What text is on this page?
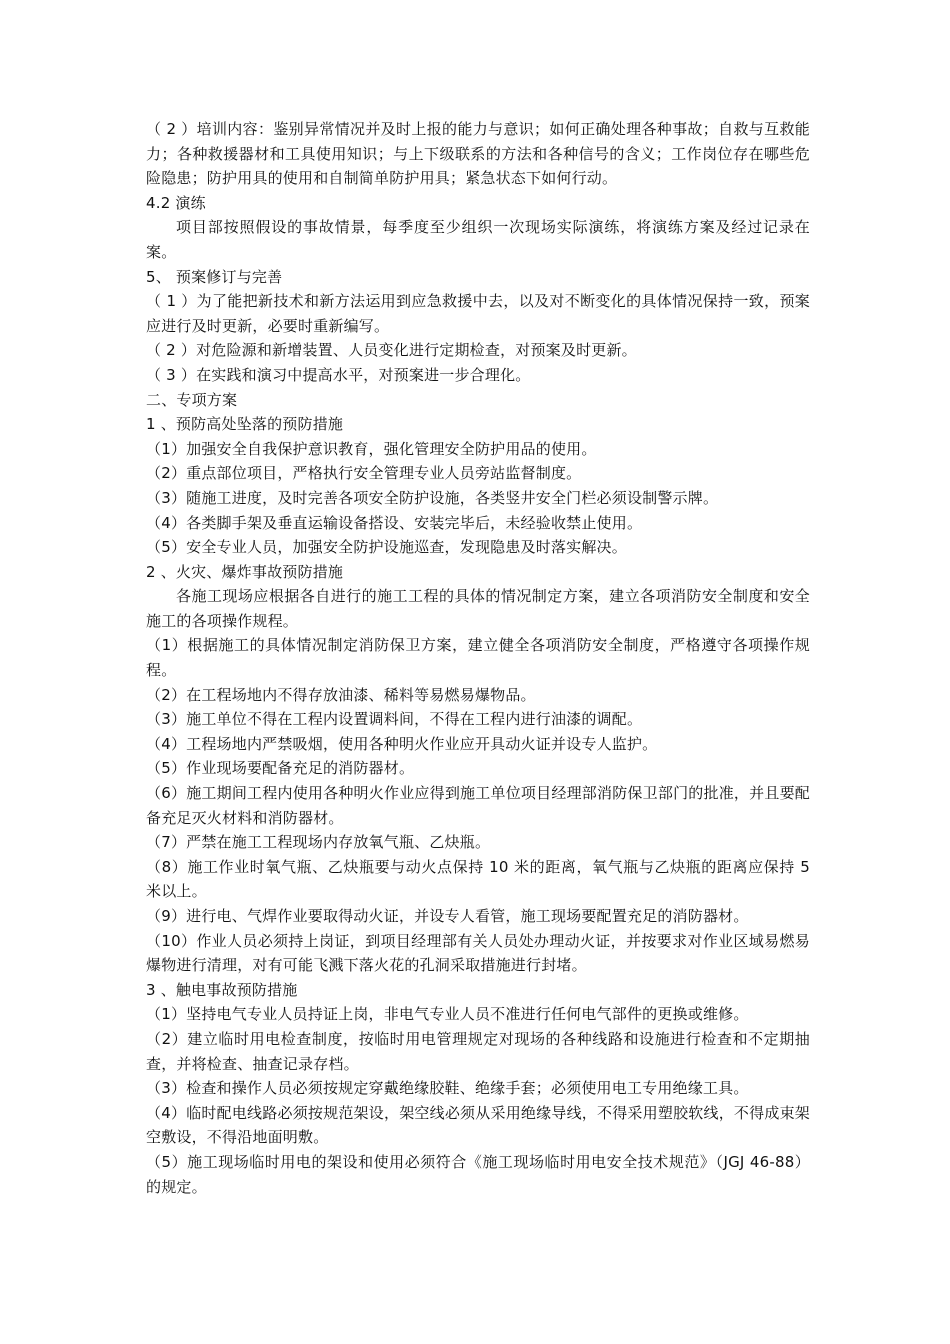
（ 2 ）培训内容：鉴别异常情况并及时上报的能力与意识；如何正确处理各种事故；自救与互救能力；各种救援器材和工具使用知识；与上下级联系的方法和各种信号的含义；工作岗位存在哪些危险隐患；防护用具的使用和自制简单防护用具；紧急状态下如何行动。

4.2 演练

项目部按照假设的事故情景，每季度至少组织一次现场实际演练，将演练方案及经过记录在案。

5、 预案修订与完善

（ 1 ）为了能把新技术和新方法运用到应急救援中去，以及对不断变化的具体情况保持一致，预案应进行及时更新，必要时重新编写。

（ 2 ）对危险源和新增装置、人员变化进行定期检查，对预案及时更新。

（ 3 ）在实践和演习中提高水平，对预案进一步合理化。

二、专项方案

1 、预防高处坠落的预防措施

（1）加强安全自我保护意识教育，强化管理安全防护用品的使用。

（2）重点部位项目，严格执行安全管理专业人员旁站监督制度。

（3）随施工进度，及时完善各项安全防护设施，各类竖井安全门栏必须设制警示牌。

（4）各类脚手架及垂直运输设备搭设、安装完毕后，未经验收禁止使用。

（5）安全专业人员，加强安全防护设施巡查，发现隐患及时落实解决。

2 、火灾、爆炸事故预防措施

各施工现场应根据各自进行的施工工程的具体的情况制定方案，建立各项消防安全制度和安全施工的各项操作规程。

（1）根据施工的具体情况制定消防保卫方案，建立健全各项消防安全制度，严格遵守各项操作规程。

（2）在工程场地内不得存放油漆、稀料等易燃易爆物品。

（3）施工单位不得在工程内设置调料间，不得在工程内进行油漆的调配。

（4）工程场地内严禁吸烟，使用各种明火作业应开具动火证并设专人监护。

（5）作业现场要配备充足的消防器材。

（6）施工期间工程内使用各种明火作业应得到施工单位项目经理部消防保卫部门的批准，并且要配备充足灭火材料和消防器材。

（7）严禁在施工工程现场内存放氧气瓶、乙炔瓶。

（8）施工作业时氧气瓶、乙炔瓶要与动火点保持 10 米的距离，氧气瓶与乙炔瓶的距离应保持 5 米以上。

（9）进行电、气焊作业要取得动火证，并设专人看管，施工现场要配置充足的消防器材。

（10）作业人员必须持上岗证，到项目经理部有关人员处办理动火证，并按要求对作业区域易燃易爆物进行清理，对有可能飞溅下落火花的孔洞采取措施进行封堵。

3 、触电事故预防措施

（1）坚持电气专业人员持证上岗，非电气专业人员不准进行任何电气部件的更换或维修。

（2）建立临时用电检查制度，按临时用电管理规定对现场的各种线路和设施进行检查和不定期抽查，并将检查、抽查记录存档。

（3）检查和操作人员必须按规定穿戴绝缘胶鞋、绝缘手套；必须使用电工专用绝缘工具。

（4）临时配电线路必须按规范架设，架空线必须从采用绝缘导线，不得采用塑胶软线，不得成束架空敷设，不得沿地面明敷。

（5）施工现场临时用电的架设和使用必须符合《施工现场临时用电安全技术规范》（JGJ 46-88）的规定。
